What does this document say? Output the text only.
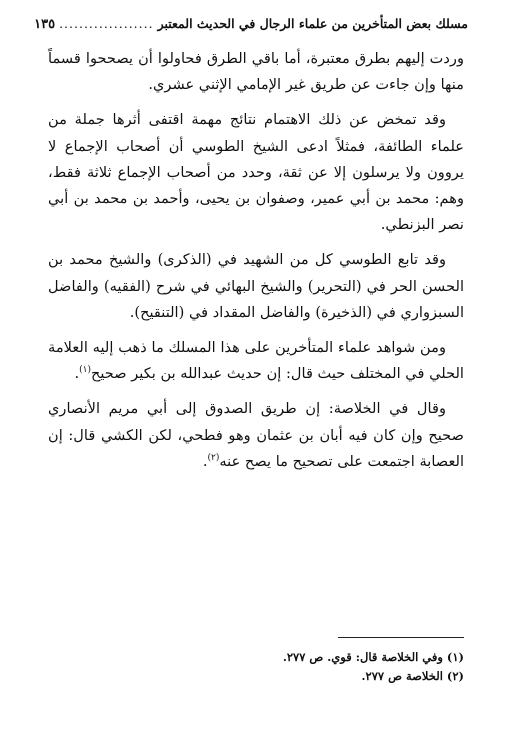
مسلك بعض المتأخرين من علماء الرجال في الحديث المعتبر
...................
١٣٥

وردت إليهم بطرق معتبرة، أما باقي الطرق فحاولوا أن يصححوا قسماً منها وإن جاءت عن طريق غير الإمامي الإثني عشري.

وقد تمخض عن ذلك الاهتمام نتائج مهمة اقتفى أثرها جملة من علماء الطائفة، فمثلاً ادعى الشيخ الطوسي أن أصحاب الإجماع لا يروون ولا يرسلون إلا عن ثقة، وحدد من أصحاب الإجماع ثلاثة فقط، وهم: محمد بن أبي عمير، وصفوان بن يحيى، وأحمد بن محمد بن أبي نصر البزنطي.

وقد تابع الطوسي كل من الشهيد في (الذكرى) والشيخ محمد بن الحسن الحر في (التحرير) والشيخ البهائي في شرح (الفقيه) والفاضل السبزواري في (الذخيرة) والفاضل المقداد في (التنقيح).

ومن شواهد علماء المتأخرين على هذا المسلك ما ذهب إليه العلامة الحلي في المختلف حيث قال: إن حديث عبدالله بن بكير صحيح$^{(١)}$.

وقال في الخلاصة: إن طريق الصدوق إلى أبي مريم الأنصاري صحيح وإن كان فيه أبان بن عثمان وهو فطحي، لكن الكشي قال: إن العصابة اجتمعت على تصحيح ما يصح عنه$^{(٢)}$.

(١) وفي الخلاصة قال: قوي. ص ٢٧٧.
(٢) الخلاصة ص ٢٧٧.
